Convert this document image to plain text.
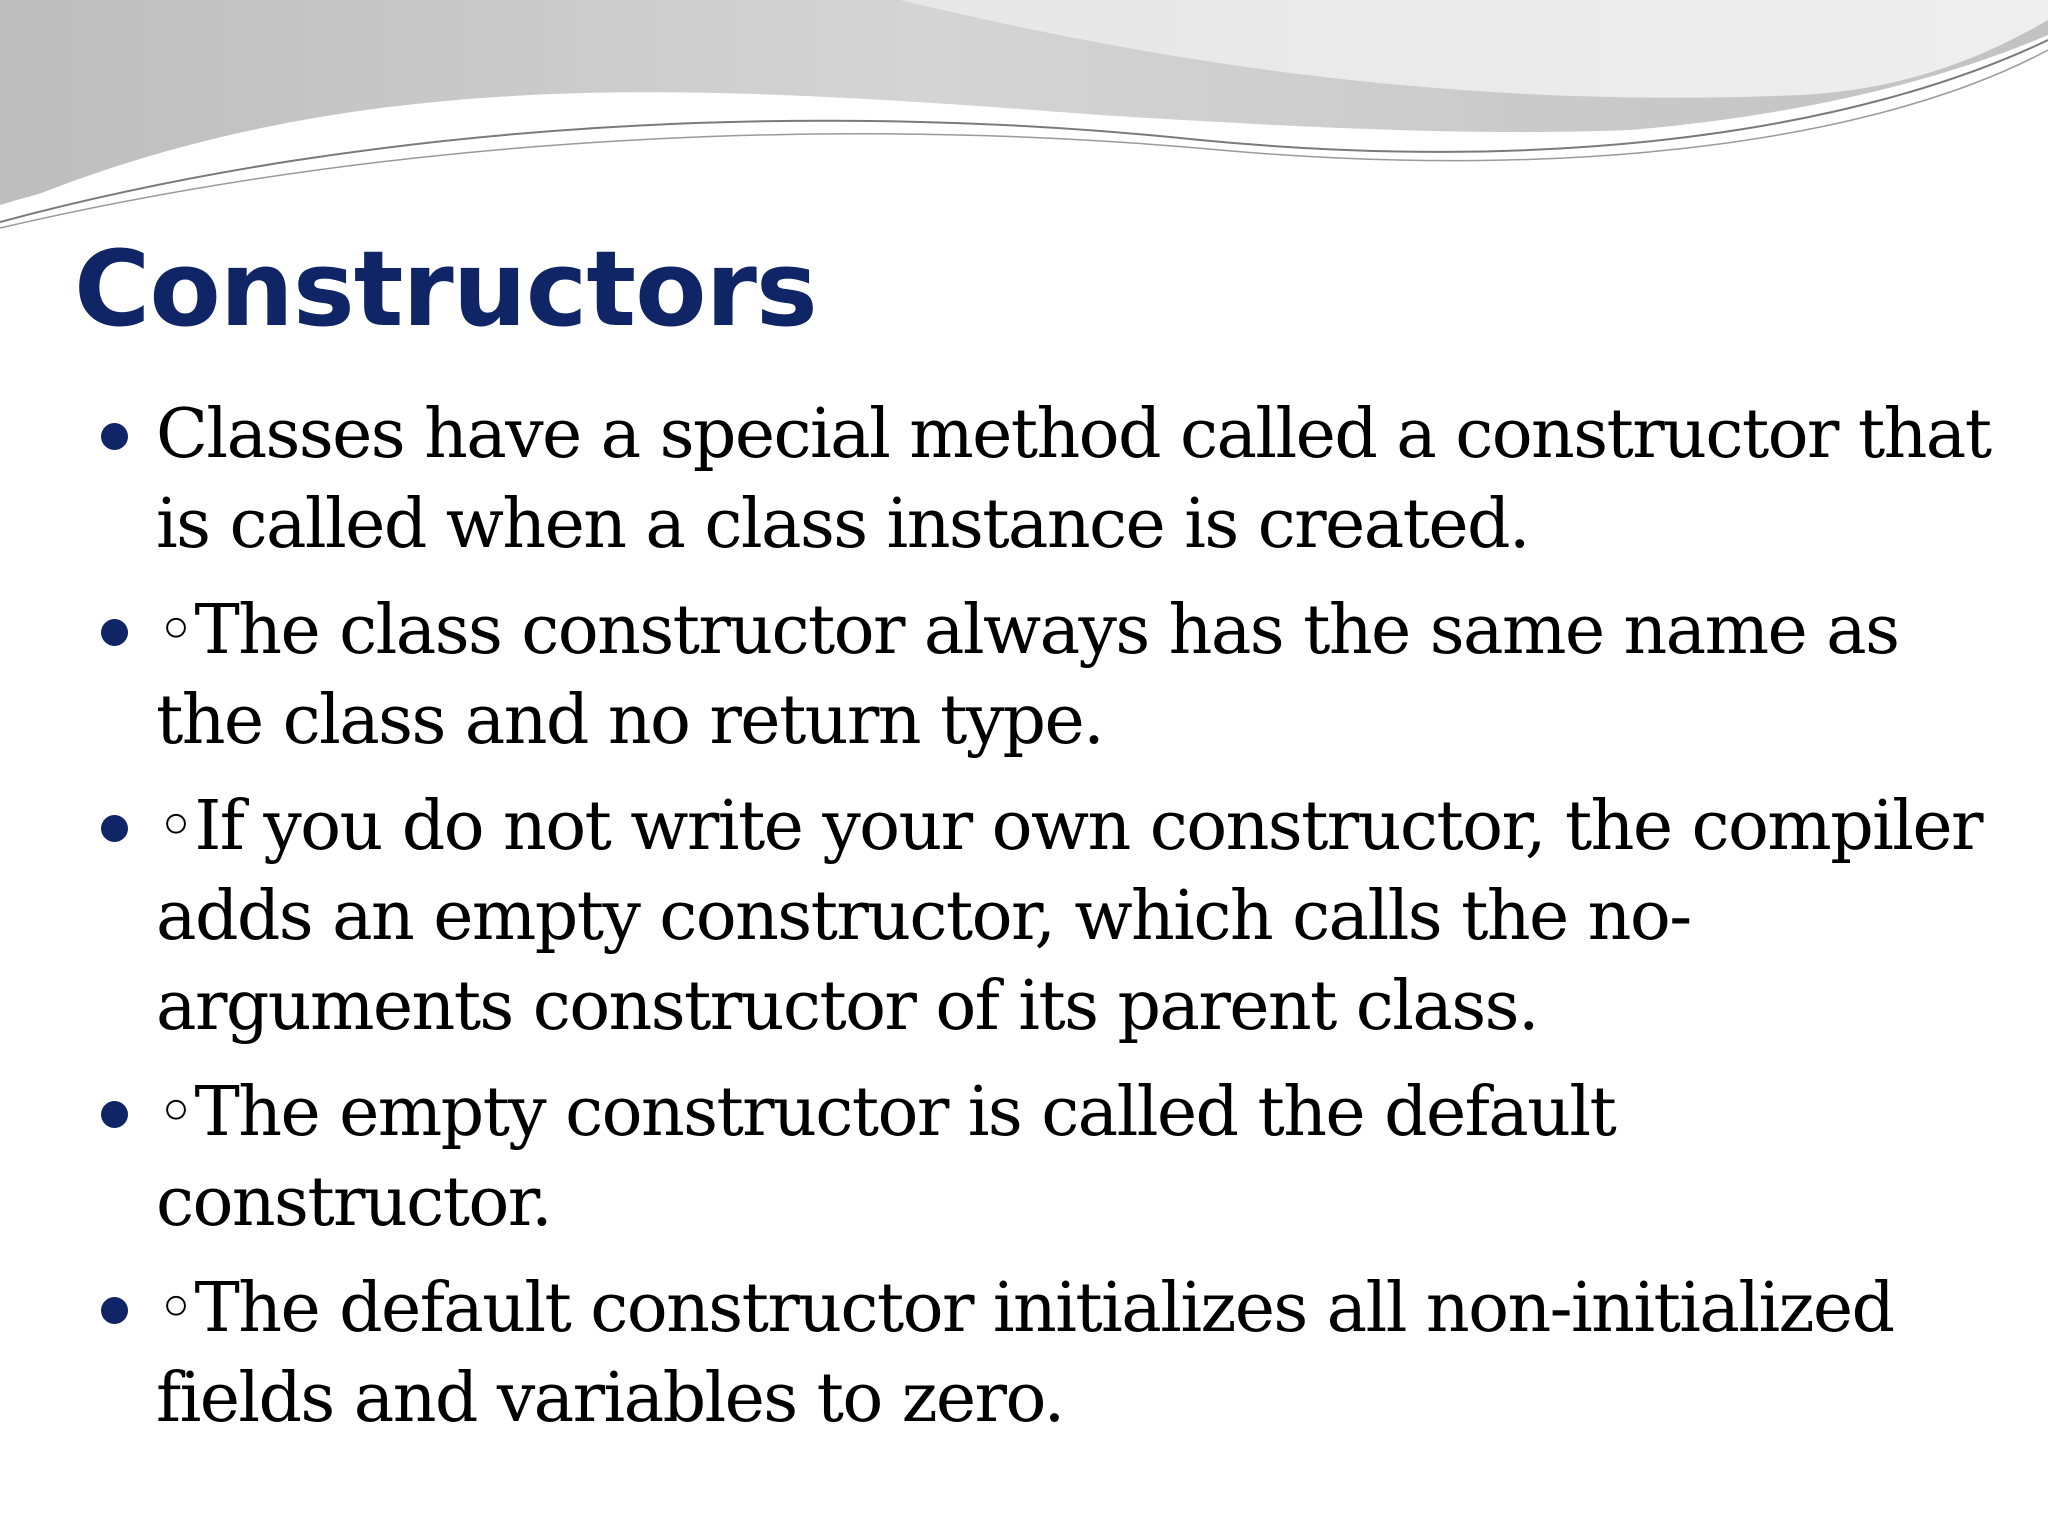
Constructors
Classes have a special method called a constructor that is called when a class instance is created.
◦The class constructor always has the same name as the class and no return type.
◦If you do not write your own constructor, the compiler adds an empty constructor, which calls the no-arguments constructor of its parent class.
◦The empty constructor is called the default constructor.
◦The default constructor initializes all non-initialized fields and variables to zero.
